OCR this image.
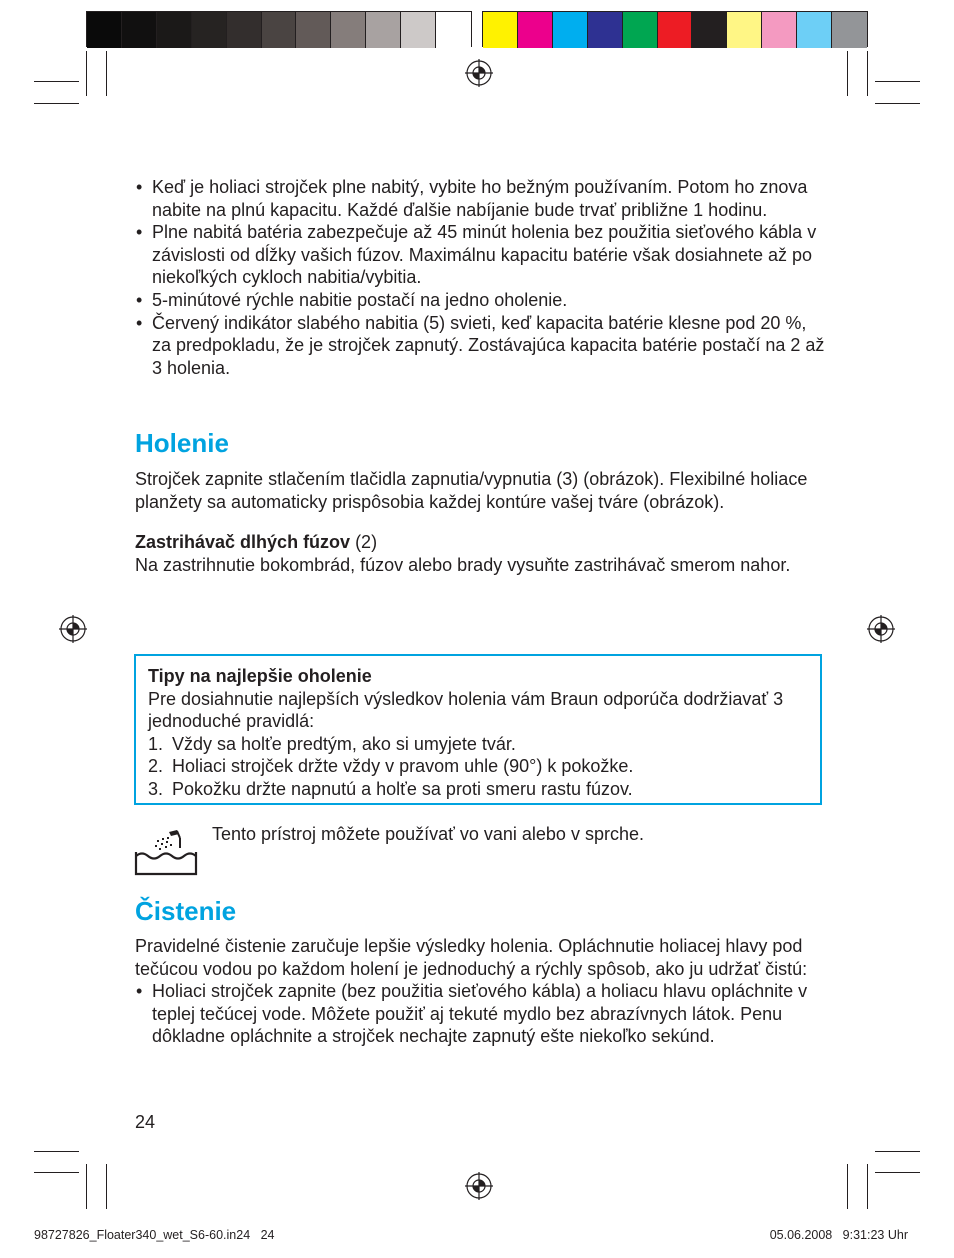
• Keď je holiaci strojček plne nabitý, vybite ho bežným používaním. Potom ho znova nabite na plnú kapacitu. Každé ďalšie nabíjanie bude trvať približne 1 hodinu.
• Plne nabitá batéria zabezpečuje až 45 minút holenia bez použitia sieťového kábla v závislosti od dĺžky vašich fúzov. Maximálnu kapacitu batérie však dosiahnete až po niekoľkých cykloch nabitia/vybitia.
• 5-minútové rýchle nabitie postačí na jedno oholenie.
• Červený indikátor slabého nabitia (5) svieti, keď kapacita batérie klesne pod 20 %, za predpokladu, že je strojček zapnutý. Zostávajúca kapacita batérie postačí na 2 až 3 holenia.
Holenie

Strojček zapnite stlačením tlačidla zapnutia/vypnutia (3) (obrázok). Flexibilné holiace planžety sa automaticky prispôsobia každej kontúre vašej tváre (obrázok).

Zastrihávač dlhých fúzov (2)

Na zastrihnutie bokombrád, fúzov alebo brady vysuňte zastrihávač smerom nahor.

Tipy na najlepšie oholenie

Pre dosiahnutie najlepších výsledkov holenia vám Braun odporúča dodržiavať 3 jednoduché pravidlá:

1. Vždy sa holťe predtým, ako si umyjete tvár.
2. Holiaci strojček držte vždy v pravom uhle (90°) k pokožke.
3. Pokožku držte napnutú a holťe sa proti smeru rastu fúzov.

Tento prístroj môžete používať vo vani alebo v sprche.

Čistenie

Pravidelné čistenie zaručuje lepšie výsledky holenia. Opláchnutie holiacej hlavy pod tečúcou vodou po každom holení je jednoduchý a rýchly spôsob, ako ju udržať čistú:

• Holiaci strojček zapnite (bez použitia sieťového kábla) a holiacu hlavu opláchnite v teplej tečúcej vode. Môžete použiť aj tekuté mydlo bez abrazívnych látok. Penu dôkladne opláchnite a strojček nechajte zapnutý ešte niekoľko sekúnd.

24

98727826_Floater340_wet_S6-60.in24   24	05.06.2008   9:31:23 Uhr
